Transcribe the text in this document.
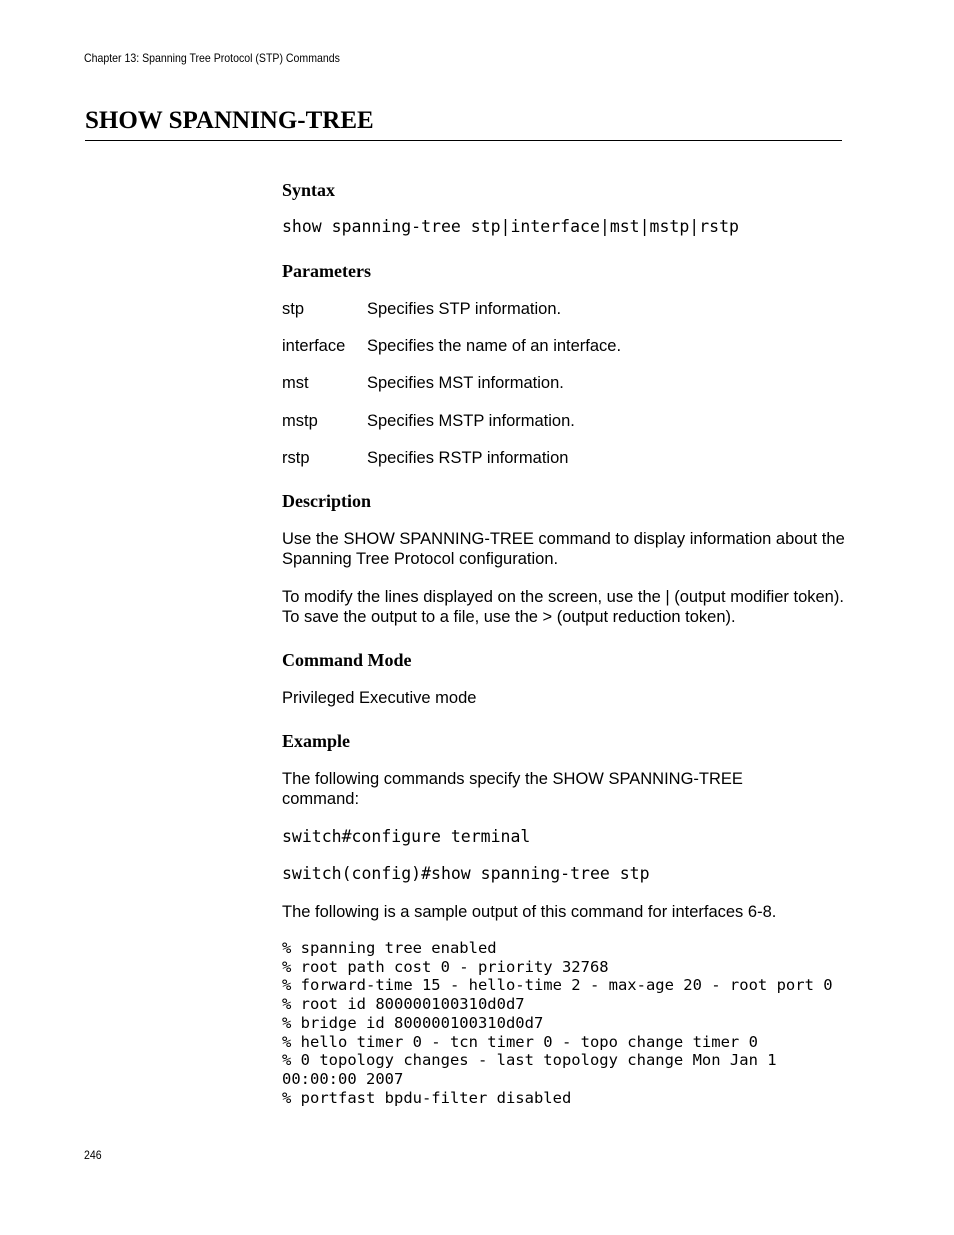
Chapter 13: Spanning Tree Protocol (STP) Commands
SHOW SPANNING-TREE
Syntax
show spanning-tree stp|interface|mst|mstp|rstp
Parameters
stp	Specifies STP information.
interface Specifies the name of an interface.
mst	Specifies MST information.
mstp	Specifies MSTP information.
rstp	Specifies RSTP information
Description
Use the SHOW SPANNING-TREE command to display information about the Spanning Tree Protocol configuration.
To modify the lines displayed on the screen, use the | (output modifier token). To save the output to a file, use the > (output reduction token).
Command Mode
Privileged Executive mode
Example
The following commands specify the SHOW SPANNING-TREE command:
switch#configure terminal
switch(config)#show spanning-tree stp
The following is a sample output of this command for interfaces 6-8.
% spanning tree enabled
% root path cost 0 - priority 32768
% forward-time 15 - hello-time 2 - max-age 20 - root port 0
% root id 800000100310d0d7
% bridge id 800000100310d0d7
% hello timer 0 - tcn timer 0 - topo change timer 0
% 0 topology changes - last topology change Mon Jan 1
00:00:00 2007
% portfast bpdu-filter disabled
246
